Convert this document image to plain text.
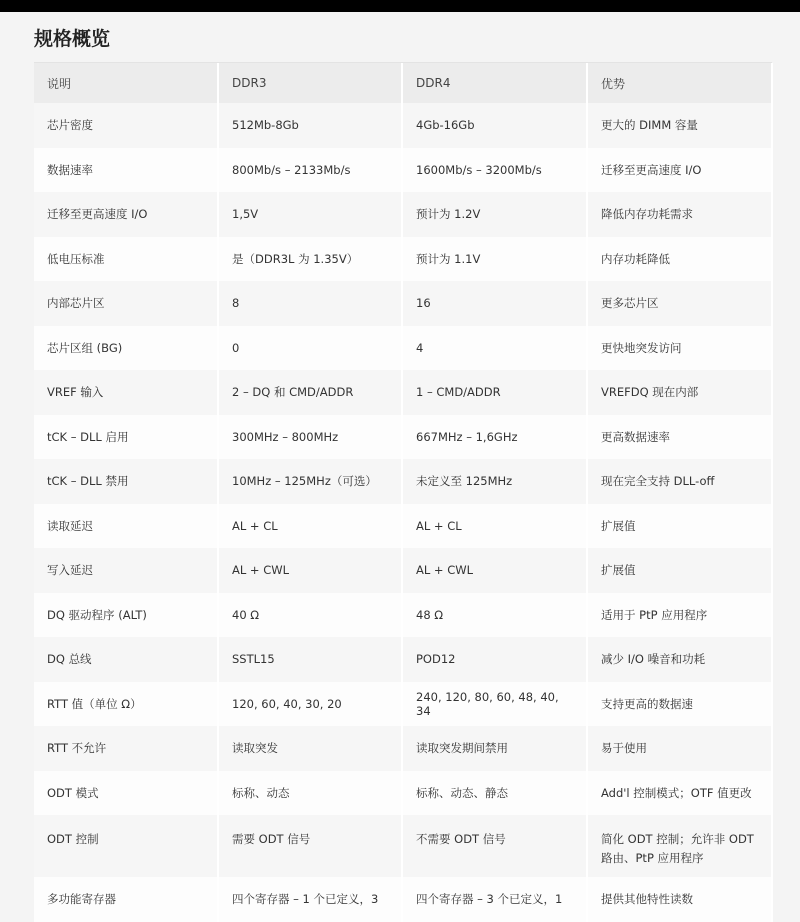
规格概览
说明	DDR3	DDR4	优势
芯片密度	512Mb-8Gb	4Gb-16Gb	更大的 DIMM 容量
数据速率	800Mb/s – 2133Mb/s	1600Mb/s – 3200Mb/s	迁移至更高速度 I/O
迁移至更高速度 I/O	1,5V	预计为 1.2V	降低内存功耗需求
低电压标准	是（DDR3L 为 1.35V）	预计为 1.1V	内存功耗降低
内部芯片区	8	16	更多芯片区
芯片区组 (BG)	0	4	更快地突发访问
VREF 输入	2 – DQ 和 CMD/ADDR	1 – CMD/ADDR	VREFDQ 现在内部
tCK – DLL 启用	300MHz – 800MHz	667MHz – 1,6GHz	更高数据速率
tCK – DLL 禁用	10MHz – 125MHz（可选）	未定义至 125MHz	现在完全支持 DLL-off
读取延迟	AL + CL	AL + CL	扩展值
写入延迟	AL + CWL	AL + CWL	扩展值
DQ 驱动程序 (ALT)	40 Ω	48 Ω	适用于 PtP 应用程序
DQ 总线	SSTL15	POD12	减少 I/O 噪音和功耗
RTT 值（单位 Ω）	120, 60, 40, 30, 20	240, 120, 80, 60, 48, 40, 34	支持更高的数据速
RTT 不允许	读取突发	读取突发期间禁用	易于使用
ODT 模式	标称、动态	标称、动态、静态	Add'l 控制模式；OTF 值更改
ODT 控制	需要 ODT 信号	不需要 ODT 信号	简化 ODT 控制；允许非 ODT 路由、PtP 应用程序
多功能寄存器	四个寄存器 – 1 个已定义，3	四个寄存器 – 3 个已定义，1	提供其他特性读数
